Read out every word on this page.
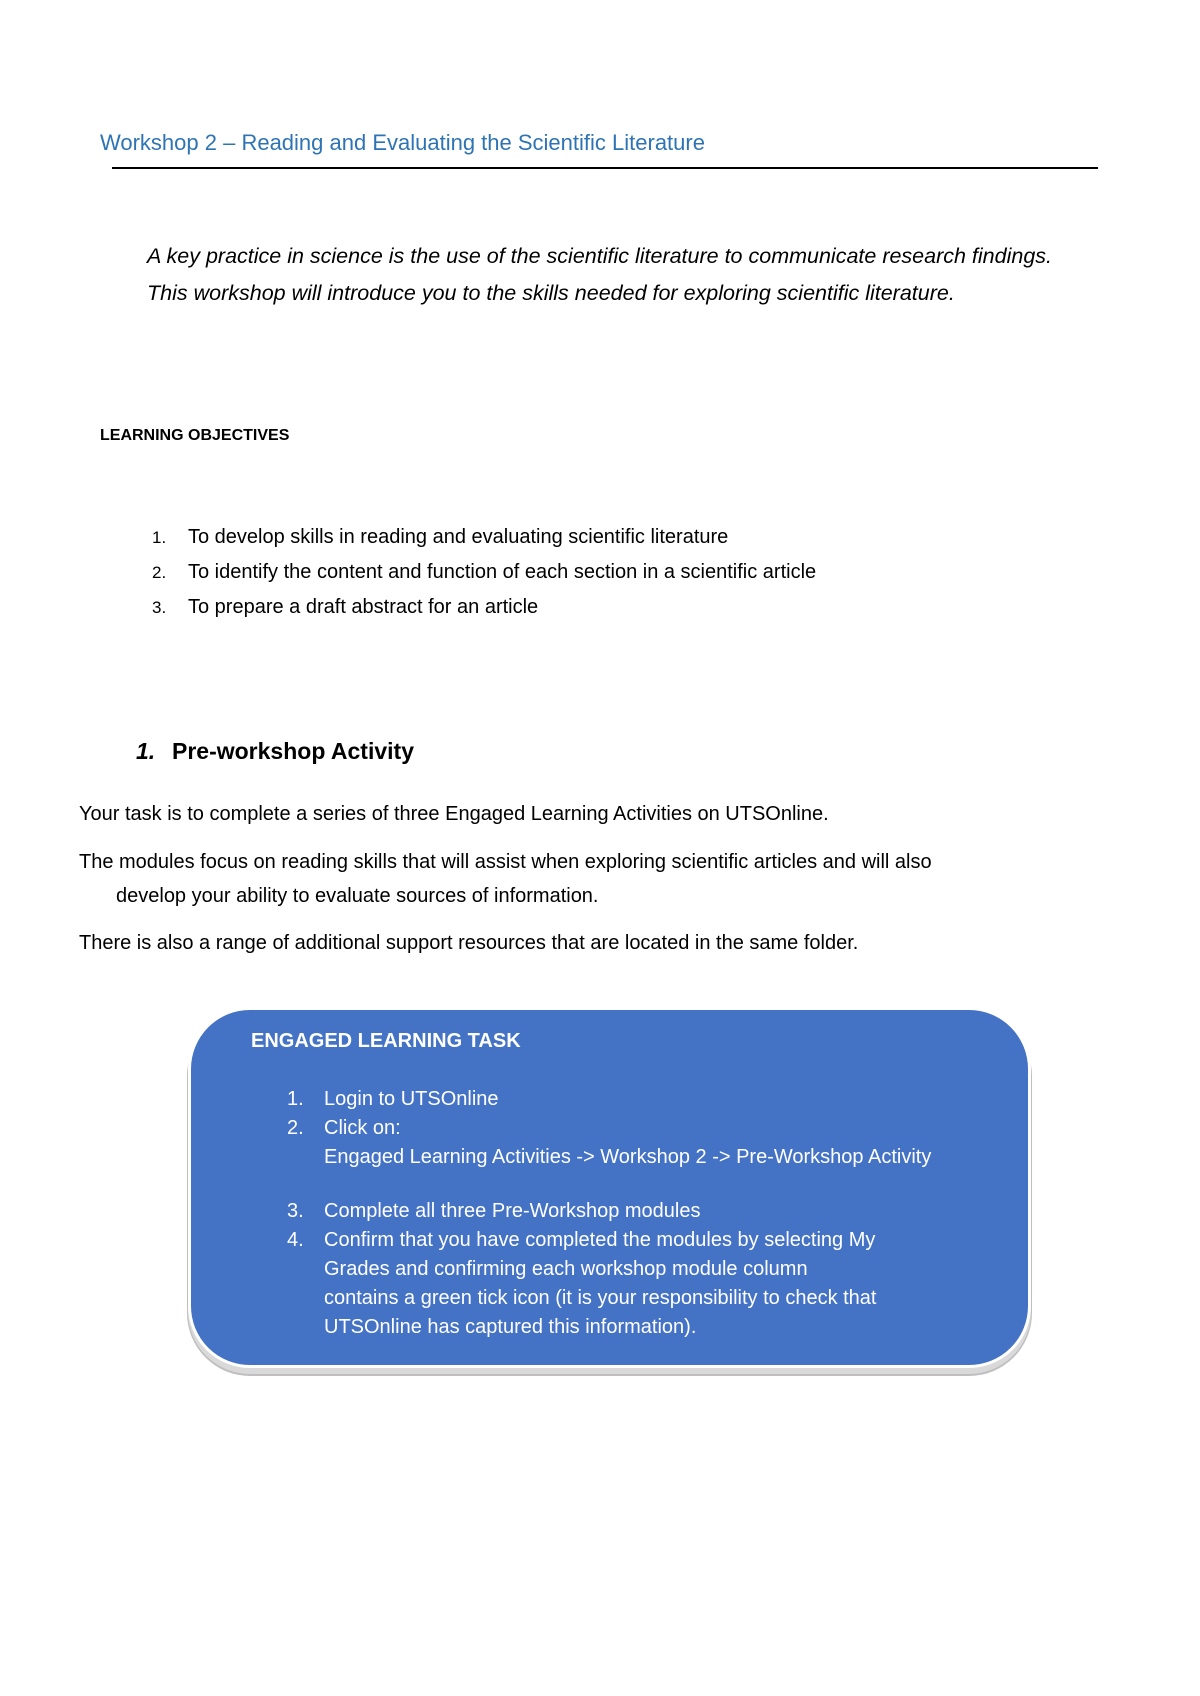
Workshop 2 – Reading and Evaluating the Scientific Literature
A key practice in science is the use of the scientific literature to communicate research findings. This workshop will introduce you to the skills needed for exploring scientific literature.
LEARNING OBJECTIVES
1. To develop skills in reading and evaluating scientific literature
2. To identify the content and function of each section in a scientific article
3. To prepare a draft abstract for an article
1. Pre-workshop Activity
Your task is to complete a series of three Engaged Learning Activities on UTSOnline.
The modules focus on reading skills that will assist when exploring scientific articles and will also
develop your ability to evaluate sources of information.
There is also a range of additional support resources that are located in the same folder.
ENGAGED LEARNING TASK
1. Login to UTSOnline
2. Click on:
Engaged Learning Activities -> Workshop 2 -> Pre-Workshop Activity
3. Complete all three Pre-Workshop modules
4. Confirm that you have completed the modules by selecting My
Grades and confirming each workshop module column
contains a green tick icon (it is your responsibility to check that
UTSOnline has captured this information).
